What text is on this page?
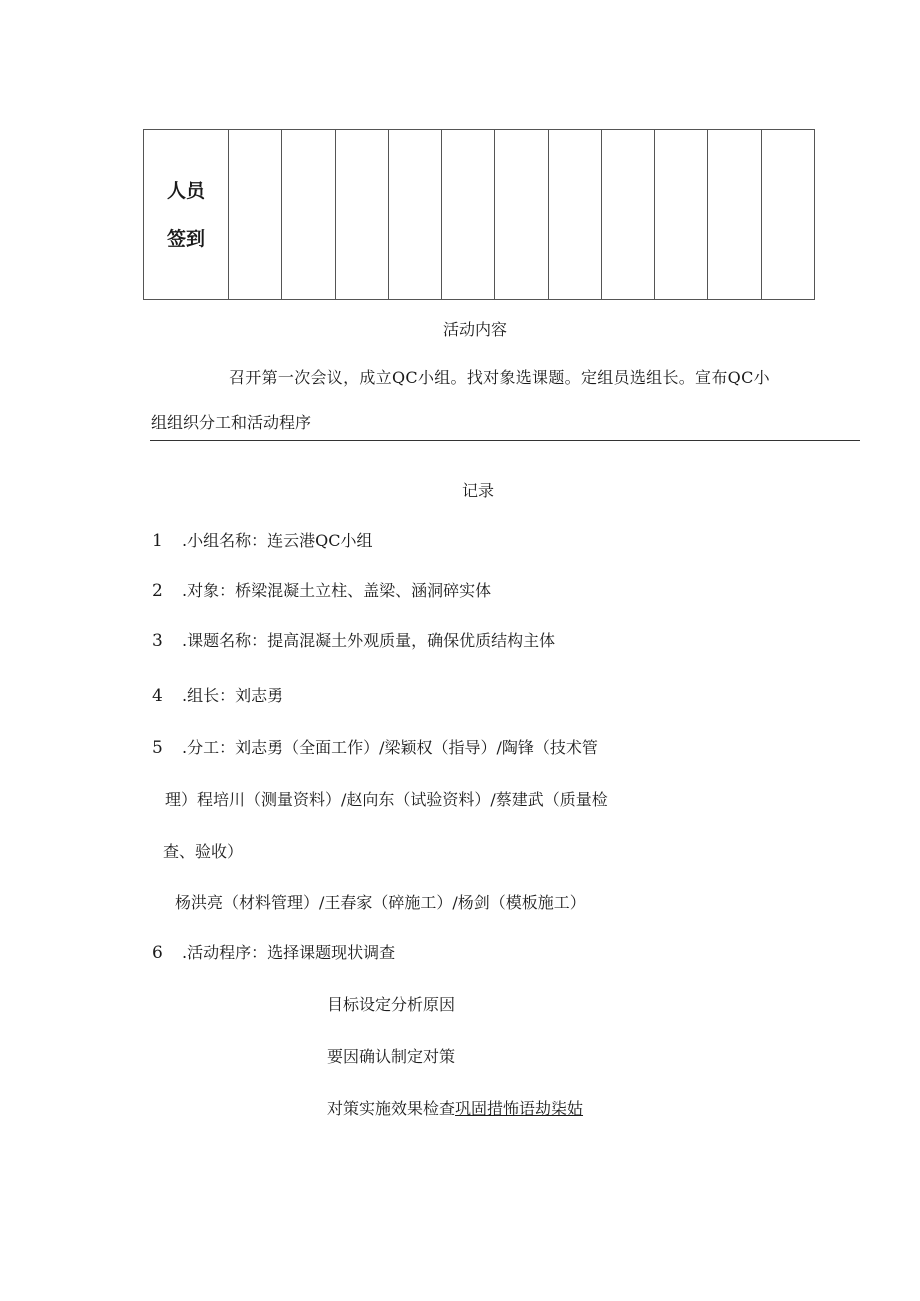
人员
签到

活动内容
召开第一次会议，成立QC小组。找对象选课题。定组员选组长。宣布QC小
组组织分工和活动程序
记录
1 .小组名称：连云港QC小组
2 .对象：桥梁混凝土立柱、盖梁、涵洞碎实体
3 .课题名称：提高混凝土外观质量，确保优质结构主体
4 .组长：刘志勇
5 .分工：刘志勇（全面工作）/梁颖权（指导）/陶锋（技术管
理）程培川（测量资料）/赵向东（试验资料）/蔡建武（质量检
查、验收）
杨洪亮（材料管理）/王春家（碎施工）/杨剑（模板施工）
6 .活动程序：选择课题现状调查
目标设定分析原因
要因确认制定对策
对策实施效果检查巩固措怖语劫柒姑
